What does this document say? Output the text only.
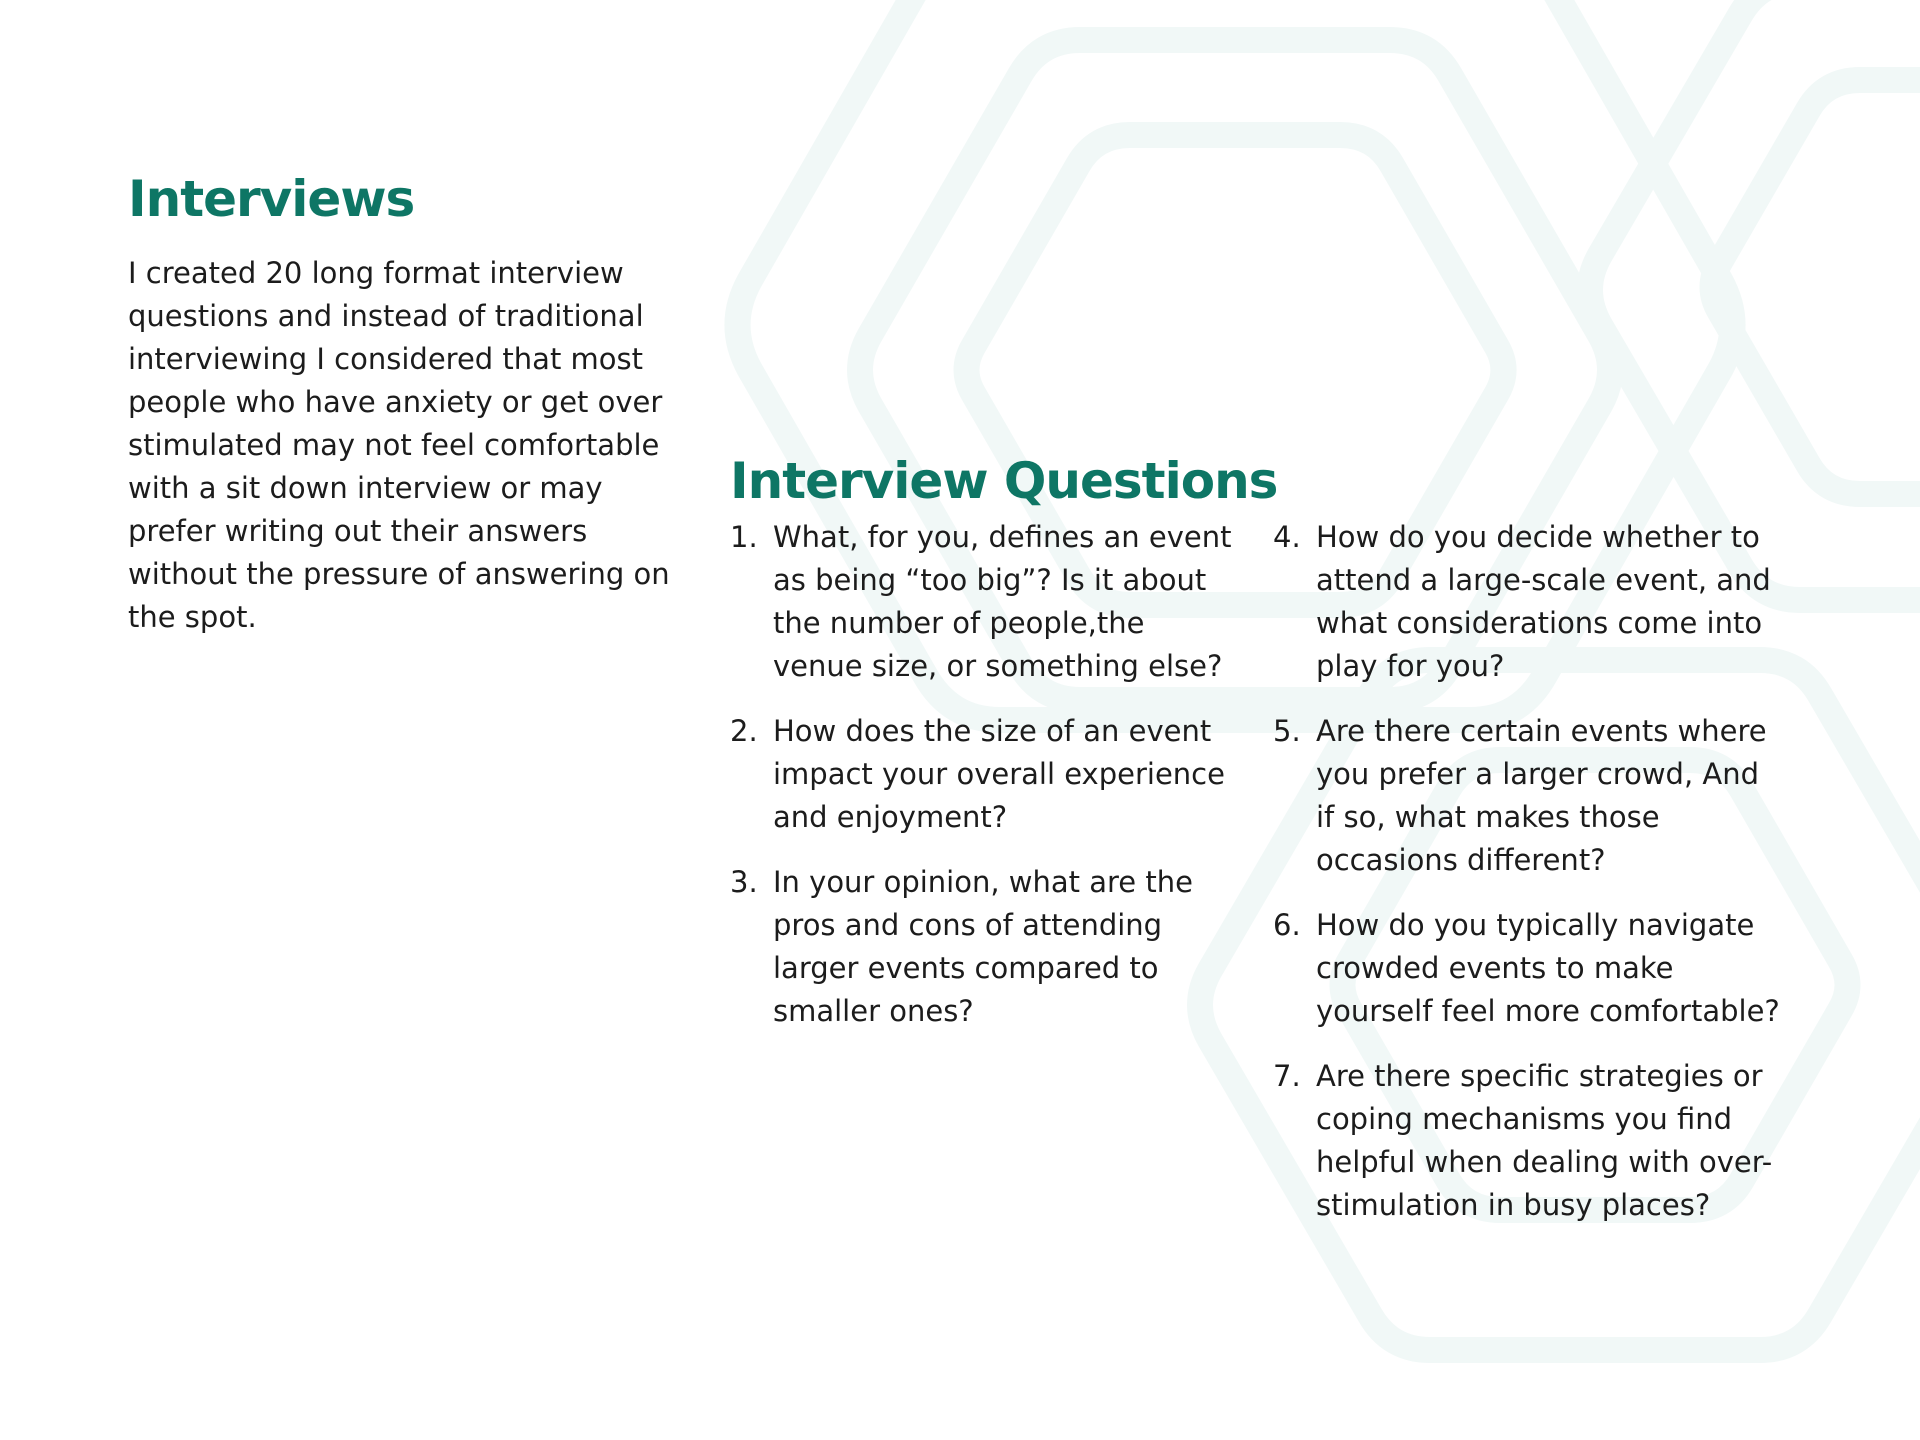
Interviews

I created 20 long format interview questions and instead of traditional interviewing I considered that most people who have anxiety or get over stimulated may not feel comfortable with a sit down interview or may prefer writing out their answers without the pressure of answering on the spot.

Interview Questions
1. What, for you, defines an event as being “too big”? Is it about the number of people,the venue size, or something else?
2. How does the size of an event impact your overall experience and enjoyment?
3. In your opinion, what are the pros and cons of attending larger events compared to smaller ones?
4. How do you decide whether to attend a large-scale event, and what considerations come into play for you?
5. Are there certain events where you prefer a larger crowd, And if so, what makes those occasions different?
6. How do you typically navigate crowded events to make yourself feel more comfortable?
7. Are there specific strategies or coping mechanisms you find helpful when dealing with over-stimulation in busy places?
